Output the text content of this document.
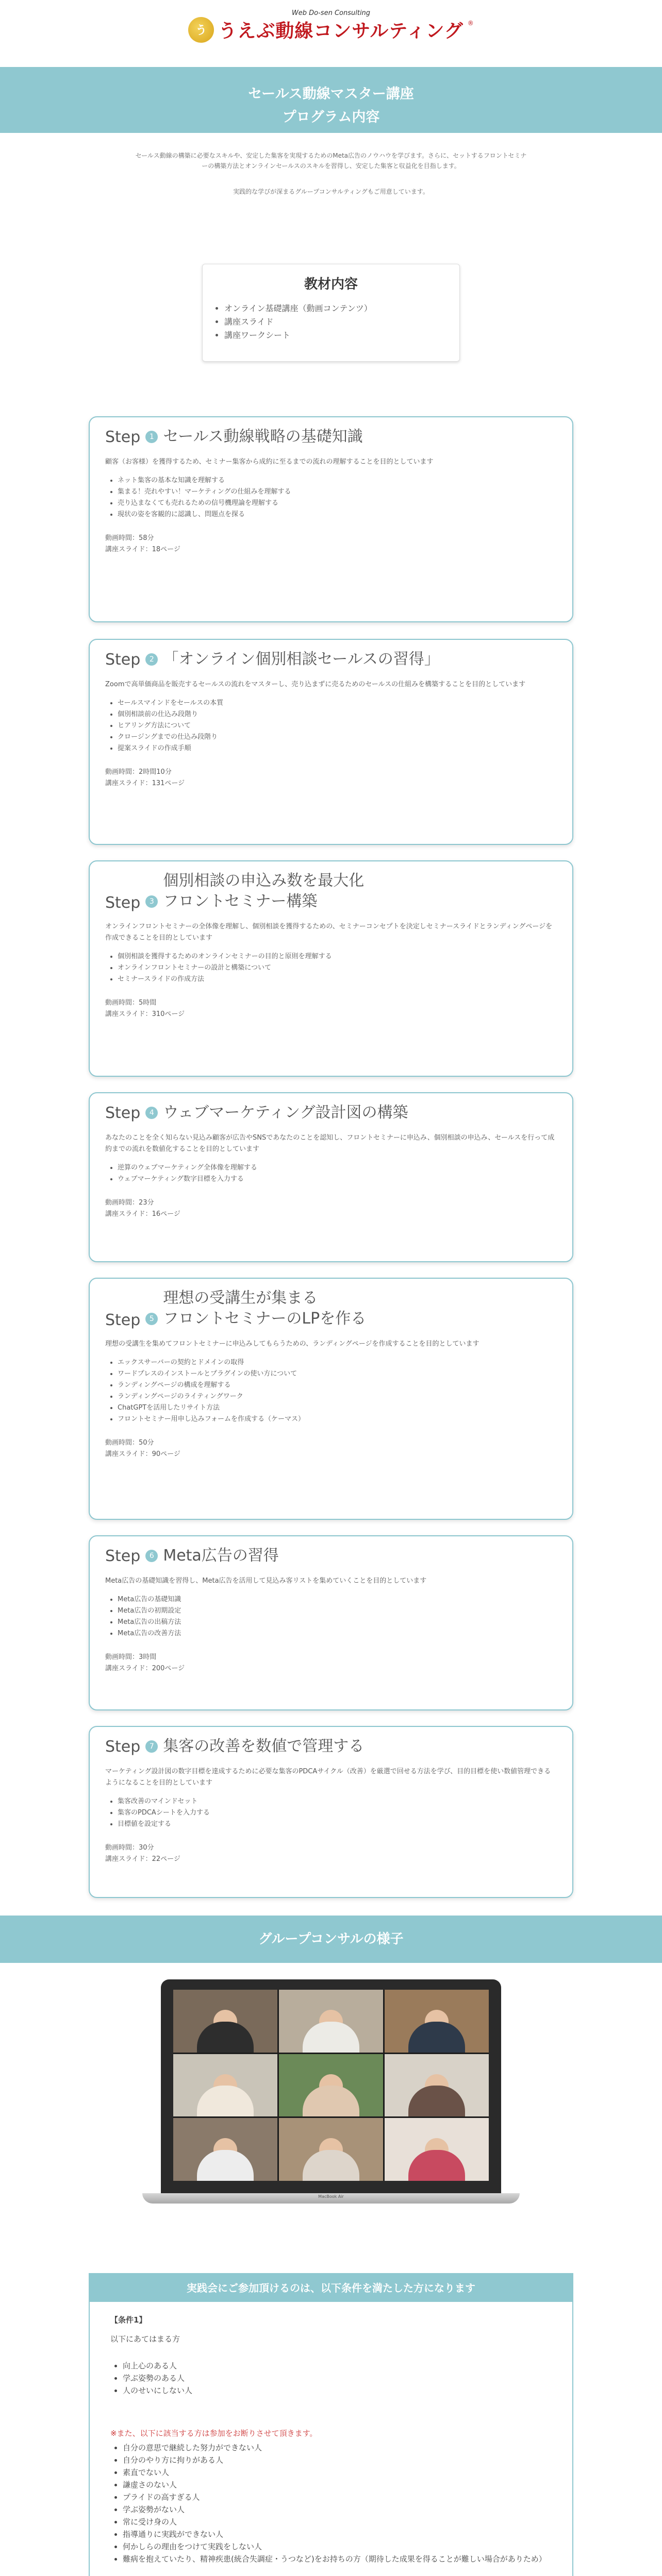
Web Do-sen Consulting
う うえぶ動線コンサルティング ®
セールス動線マスター講座
プログラム内容
セールス動線の構築に必要なスキルや、安定した集客を実現するためのMeta広告のノウハウを学びます。さらに、セットするフロントセミナーの構築方法とオンラインセールスのスキルを習得し、安定した集客と収益化を目指します。
実践的な学びが深まるグループコンサルティングもご用意しています。
教材内容
• オンライン基礎講座（動画コンテンツ）
• 講座スライド
• 講座ワークシート
Step	1 セールス動線戦略の基礎知識
顧客（お客様）を獲得するため、セミナー集客から成約に至るまでの流れの理解することを目的としています
• ネット集客の基本な知識を理解する
• 集まる！売れやすい！マーケティングの仕組みを理解する
• 売り込まなくても売れるための信号機理論を理解する
• 現状の姿を客観的に認識し、問題点を探る
動画時間：58分
講座スライド：18ページ
Step	2 「オンライン個別相談セールスの習得」
Zoomで高単価商品を販売するセールスの流れをマスターし、売り込まずに売るためのセールスの仕組みを構築することを目的としています
• セールスマインドをセールスの本質
• 個別相談前の仕込み段階り
• ヒアリング方法について
• クロージングまでの仕込み段階り
• 提案スライドの作成手順
動画時間：2時間10分
講座スライド：131ページ
Step	3
個別相談の申込み数を最大化
フロントセミナー構築
オンラインフロントセミナーの全体像を理解し、個別相談を獲得するための、セミナーコンセプトを決定しセミナースライドとランディングページを作成できることを目的としています
• 個別相談を獲得するためのオンラインセミナーの目的と原則を理解する
• オンラインフロントセミナーの設計と構築について
• セミナースライドの作成方法
動画時間：5時間
講座スライド：310ページ
Step	4 ウェブマーケティング設計図の構築
あなたのことを全く知らない見込み顧客が広告やSNSであなたのことを認知し、フロントセミナーに申込み、個別相談の申込み、セールスを行って成約までの流れを数値化することを目的としています
• 逆算のウェブマーケティング全体像を理解する
• ウェブマーケティング数字目標を入力する
動画時間：23分
講座スライド：16ページ
Step	5
理想の受講生が集まる
フロントセミナーのLPを作る
理想の受講生を集めてフロントセミナーに申込みしてもらうための、ランディングページを作成することを目的としています
• エックスサーバーの契約とドメインの取得
• ワードプレスのインストールとプラグインの使い方について
• ランディングページの構成を理解する
• ランディングページのライティングワーク
• ChatGPTを活用したリサイト方法
• フロントセミナー用申し込みフォームを作成する（ケーマス）
動画時間：50分
講座スライド：90ページ
Step	6 Meta広告の習得
Meta広告の基礎知識を習得し、Meta広告を活用して見込み客リストを集めていくことを目的としています
• Meta広告の基礎知識
• Meta広告の初期設定
• Meta広告の出稿方法
• Meta広告の改善方法
動画時間：3時間
講座スライド：200ページ
Step	7 集客の改善を数値で管理する
マーケティング設計図の数字目標を達成するために必要な集客のPDCAサイクル（改善）を厳選で回せる方法を学び、目的目標を使い数値管理できるようになることを目的としています
• 集客改善のマインドセット
• 集客のPDCAシートを入力する
• 目標値を設定する
動画時間：30分
講座スライド：22ページ
グループコンサルの様子
MacBook Air
実践会にご参加頂けるのは、以下条件を満たした方になります
【条件1】
以下にあてはまる方
• 向上心のある人
• 学ぶ姿勢のある人
• 人のせいにしない人
※また、以下に該当する方は参加をお断りさせて頂きます。
• 自分の意思で継続した努力ができない人
• 自分のやり方に拘りがある人
• 素直でない人
• 謙虚さのない人
• プライドの高すぎる人
• 学ぶ姿勢がない人
• 常に受け身の人
• 指導通りに実践ができない人
• 何かしらの理由をつけて実践をしない人
• 難病を抱えていたり、精神疾患(統合失調症・うつなど)をお持ちの方（期待した成果を得ることが難しい場合がありため）
